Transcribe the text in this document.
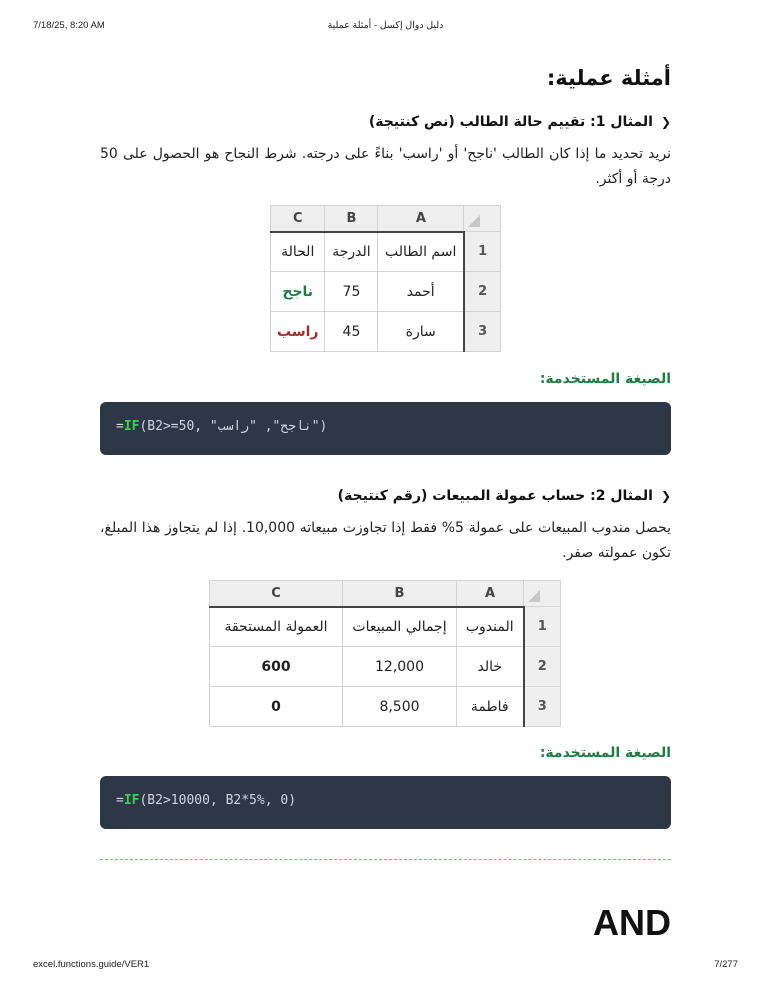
7/18/25, 8:20 AM	دليل دوال إكسل - أمثلة عملية
أمثلة عملية:
❮المثال 1: تقييم حالة الطالب (نص كنتيجة)

نريد تحديد ما إذا كان الطالب 'ناجح' أو 'راسب' بناءً على درجته. شرط النجاح هو الحصول على 50 درجة أو أكثر.

	A	B	C
1	اسم الطالب	الدرجة	الحالة
2	أحمد	75	ناجح
3	سارة	45	راسب
الصيغة المستخدمة:
=IF(B2>=50, "ناجح", "راسب")
❮المثال 2: حساب عمولة المبيعات (رقم كنتيجة)

يحصل مندوب المبيعات على عمولة 5% فقط إذا تجاوزت مبيعاته 10,000. إذا لم يتجاوز هذا المبلغ، تكون عمولته صفر.

	A	B	C
1	المندوب	إجمالي المبيعات	العمولة المستحقة
2	خالد	12,000	600
3	فاطمة	8,500	0
الصيغة المستخدمة:
=IF(B2>10000, B2*5%, 0)
AND
excel.functions.guide/VER1	7/277
